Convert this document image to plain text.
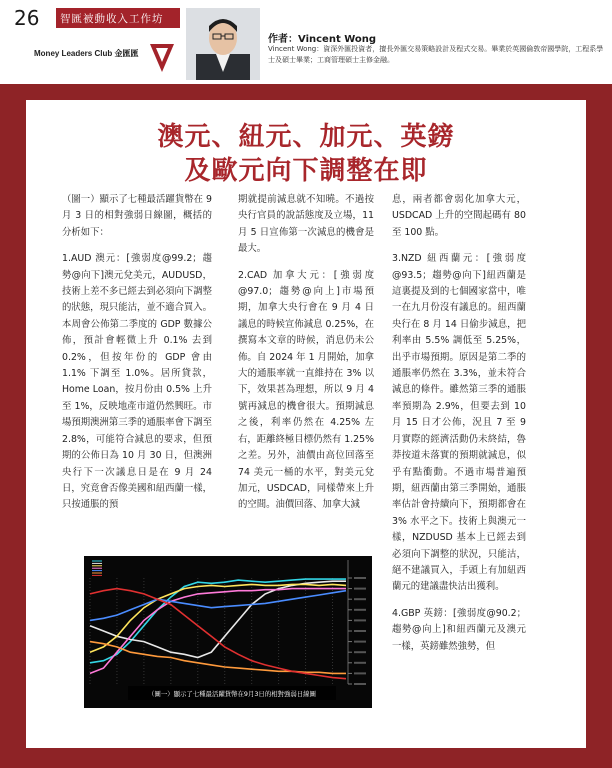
26 智匯被動收入工作坊
Money Leaders Club 金匯匯
作者：Vincent Wong
Vincent Wong：資深外匯投資者，擅長外匯交易策略設計及程式交易。畢業於英國倫敦帝國學院，工程系學士及碩士畢業；工商管理碩士主修金融。
澳元、紐元、加元、英鎊
及歐元向下調整在即

（圖一）顯示了七種最活躍貨幣在 9 月 3 日的相對強弱日線圖，概括的分析如下：

1.AUD 澳元：[強弱度@99.2；趨勢@向下]澳元兌美元，AUDUSD，技術上差不多已經去到必須向下調整的狀態，現只能沽，並不適合買入。本周會公佈第二季度的 GDP 數據公佈，預計會輕微上升 0.1% 去到 0.2%，但按年份的 GDP 會由 1.1% 下調至 1.0%。居所貸款，Home Loan，按月份由 0.5% 上升至 1%，反映地產市道仍然興旺。市場預期澳洲第三季的通脹率會下調至 2.8%，可能符合減息的要求，但預期的公佈日為 10 月 30 日，但澳洲央行下一次議息日是在 9 月 24 日，究竟會否像美國和紐西蘭一樣，只按通脹的預

期就提前減息就不知曉。不過按央行官員的說話態度及立場，11 月 5 日宣佈第一次減息的機會是最大。

2.CAD 加拿大元：[強弱度@97.0；趨勢@向上]市場預期，加拿大央行會在 9 月 4 日議息的時候宣佈減息 0.25%，在撰寫本文章的時候，消息仍未公佈。自 2024 年 1 月開始，加拿大的通脹率就一直維持在 3% 以下，效果甚為理想，所以 9 月 4 號再減息的機會很大。預期減息之後，利率仍然在 4.25% 左右，距離終極目標仍然有 1.25% 之差。另外，油價由高位回落至 74 美元一桶的水平，對美元兌加元，USDCAD，同樣帶來上升的空間。油價回落、加拿大減

息，兩者都會弱化加拿大元，USDCAD 上升的空間起碼有 80 至 100 點。

3.NZD 紐西蘭元：[強弱度@93.5；趨勢@向下]紐西蘭是這裏提及到的七個國家當中，唯一在九月份沒有議息的。紐西蘭央行在 8 月 14 日偷步減息，把利率由 5.5% 調低至 5.25%，出乎市場預期。原因是第二季的通脹率仍然在 3.3%，並未符合減息的條件。雖然第三季的通脹率預期為 2.9%，但要去到 10 月 15 日才公佈，況且 7 至 9 月實際的經濟活動仍未終結，魯莽按道未落實的預期就減息，似乎有點衝動。不過市場普遍預期，紐西蘭由第三季開始，通脹率估計會持續向下，預期都會在 3% 水平之下。技術上與澳元一樣，NZDUSD 基本上已經去到必須向下調整的狀況，只能沽，絕不建議買入，手頭上有加紐西蘭元的建議盡快沽出獲利。

4.GBP 英鎊：[強弱度@90.2；趨勢@向上]和紐西蘭元及澳元一樣，英鎊雖然強勢，但

（圖一）顯示了七種最活躍貨幣在9月3日的相對強弱日線圖
